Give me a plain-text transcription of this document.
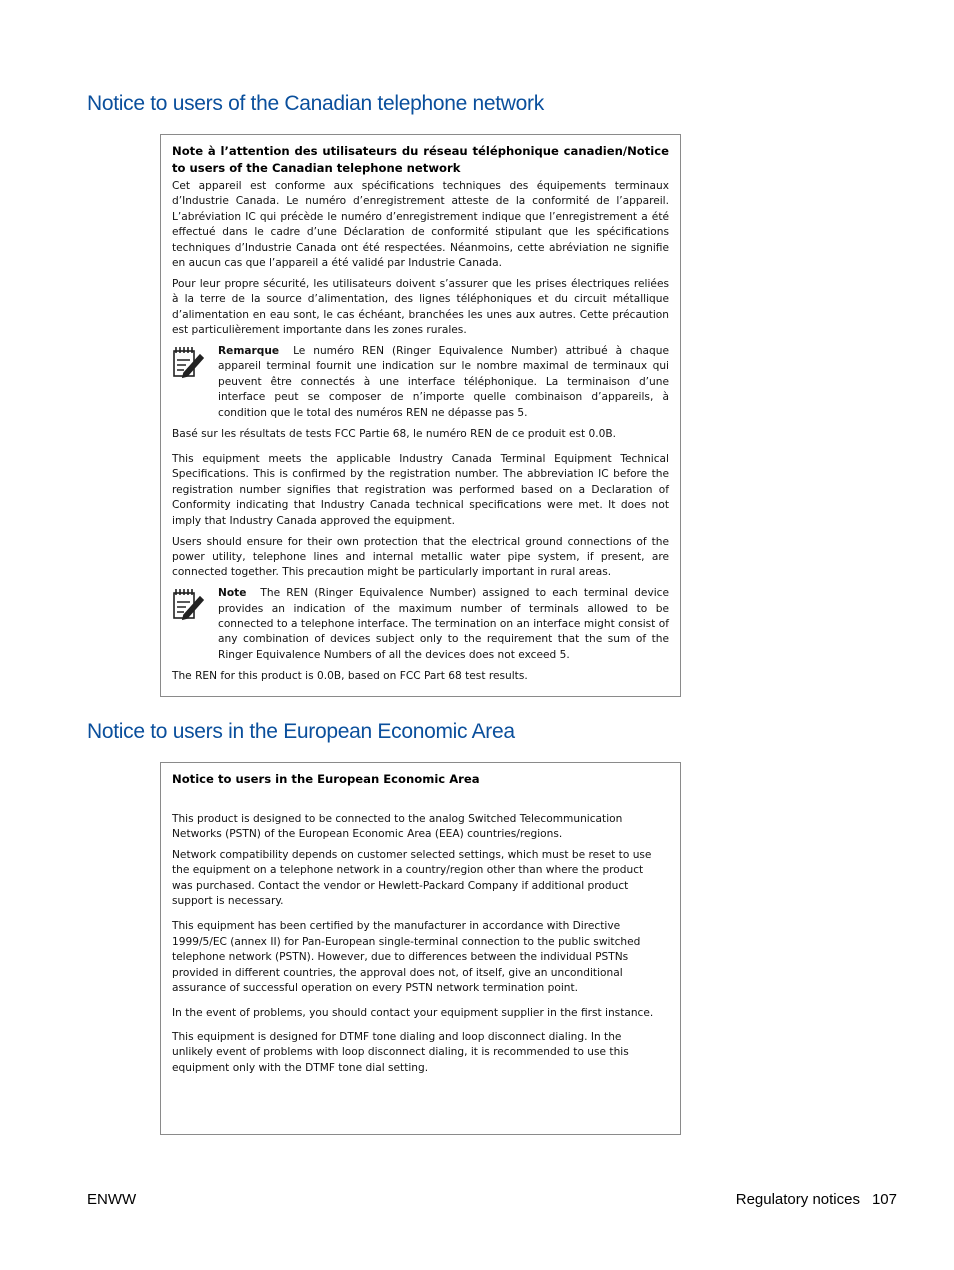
Notice to users of the Canadian telephone network

Note à l’attention des utilisateurs du réseau téléphonique canadien/Notice to users of the Canadian telephone network

Cet appareil est conforme aux spécifications techniques des équipements terminaux d’Industrie Canada. Le numéro d’enregistrement atteste de la conformité de l’appareil. L’abréviation IC qui précède le numéro d’enregistrement indique que l’enregistrement a été effectué dans le cadre d’une Déclaration de conformité stipulant que les spécifications techniques d’Industrie Canada ont été respectées. Néanmoins, cette abréviation ne signifie en aucun cas que l’appareil a été validé par Industrie Canada.

Pour leur propre sécurité, les utilisateurs doivent s’assurer que les prises électriques reliées à la terre de la source d’alimentation, des lignes téléphoniques et du circuit métallique d’alimentation en eau sont, le cas échéant, branchées les unes aux autres. Cette précaution est particulièrement importante dans les zones rurales.

Remarque Le numéro REN (Ringer Equivalence Number) attribué à chaque appareil terminal fournit une indication sur le nombre maximal de terminaux qui peuvent être connectés à une interface téléphonique. La terminaison d’une interface peut se composer de n’importe quelle combinaison d’appareils, à condition que le total des numéros REN ne dépasse pas 5.

Basé sur les résultats de tests FCC Partie 68, le numéro REN de ce produit est 0.0B.

This equipment meets the applicable Industry Canada Terminal Equipment Technical Specifications. This is confirmed by the registration number. The abbreviation IC before the registration number signifies that registration was performed based on a Declaration of Conformity indicating that Industry Canada technical specifications were met. It does not imply that Industry Canada approved the equipment.

Users should ensure for their own protection that the electrical ground connections of the power utility, telephone lines and internal metallic water pipe system, if present, are connected together. This precaution might be particularly important in rural areas.

Note The REN (Ringer Equivalence Number) assigned to each terminal device provides an indication of the maximum number of terminals allowed to be connected to a telephone interface. The termination on an interface might consist of any combination of devices subject only to the requirement that the sum of the Ringer Equivalence Numbers of all the devices does not exceed 5.

The REN for this product is 0.0B, based on FCC Part 68 test results.

Notice to users in the European Economic Area

Notice to users in the European Economic Area

This product is designed to be connected to the analog Switched Telecommunication Networks (PSTN) of the European Economic Area (EEA) countries/regions.

Network compatibility depends on customer selected settings, which must be reset to use the equipment on a telephone network in a country/region other than where the product was purchased. Contact the vendor or Hewlett-Packard Company if additional product support is necessary.

This equipment has been certified by the manufacturer in accordance with Directive 1999/5/EC (annex II) for Pan-European single-terminal connection to the public switched telephone network (PSTN). However, due to differences between the individual PSTNs provided in different countries, the approval does not, of itself, give an unconditional assurance of successful operation on every PSTN network termination point.

In the event of problems, you should contact your equipment supplier in the first instance.

This equipment is designed for DTMF tone dialing and loop disconnect dialing. In the unlikely event of problems with loop disconnect dialing, it is recommended to use this equipment only with the DTMF tone dial setting.

ENWW	Regulatory notices 107
